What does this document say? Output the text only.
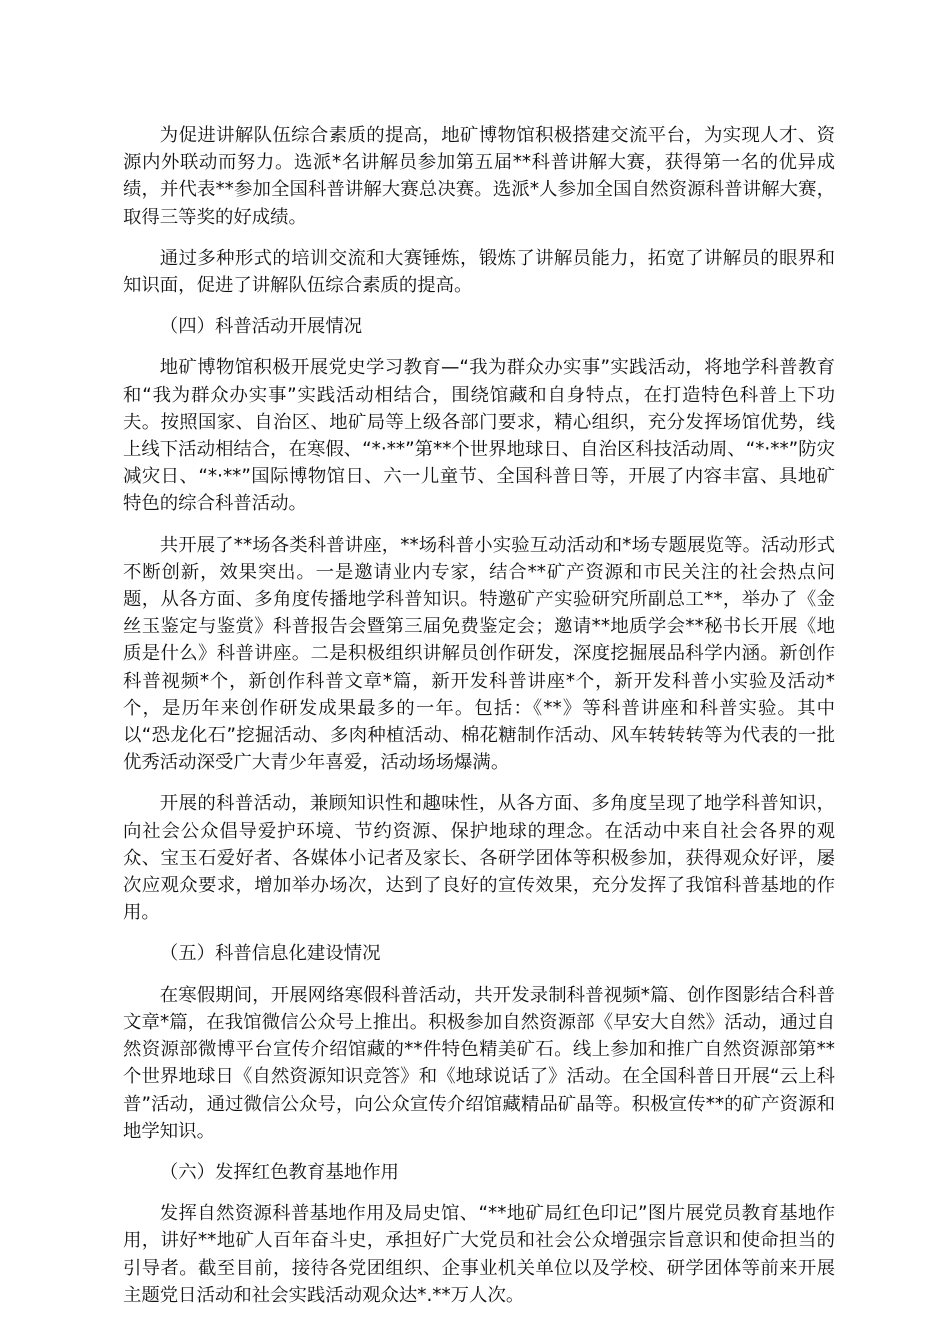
为促进讲解队伍综合素质的提高，地矿博物馆积极搭建交流平台，为实现人才、资源内外联动而努力。选派*名讲解员参加第五届**科普讲解大赛，获得第一名的优异成绩，并代表**参加全国科普讲解大赛总决赛。选派*人参加全国自然资源科普讲解大赛，取得三等奖的好成绩。

通过多种形式的培训交流和大赛锤炼，锻炼了讲解员能力，拓宽了讲解员的眼界和知识面，促进了讲解队伍综合素质的提高。

（四）科普活动开展情况

地矿博物馆积极开展党史学习教育—“我为群众办实事”实践活动，将地学科普教育和“我为群众办实事”实践活动相结合，围绕馆藏和自身特点，在打造特色科普上下功夫。按照国家、自治区、地矿局等上级各部门要求，精心组织，充分发挥场馆优势，线上线下活动相结合，在寒假、“*·**”第**个世界地球日、自治区科技活动周、“*·**”防灾减灾日、“*·**”国际博物馆日、六一儿童节、全国科普日等，开展了内容丰富、具地矿特色的综合科普活动。

共开展了**场各类科普讲座，**场科普小实验互动活动和*场专题展览等。活动形式不断创新，效果突出。一是邀请业内专家，结合**矿产资源和市民关注的社会热点问题，从各方面、多角度传播地学科普知识。特邀矿产实验研究所副总工**，举办了《金丝玉鉴定与鉴赏》科普报告会暨第三届免费鉴定会；邀请**地质学会**秘书长开展《地质是什么》科普讲座。二是积极组织讲解员创作研发，深度挖掘展品科学内涵。新创作科普视频*个，新创作科普文章*篇，新开发科普讲座*个，新开发科普小实验及活动*个，是历年来创作研发成果最多的一年。包括：《**》等科普讲座和科普实验。其中以“恐龙化石”挖掘活动、多肉种植活动、棉花糖制作活动、风车转转转等为代表的一批优秀活动深受广大青少年喜爱，活动场场爆满。

开展的科普活动，兼顾知识性和趣味性，从各方面、多角度呈现了地学科普知识，向社会公众倡导爱护环境、节约资源、保护地球的理念。在活动中来自社会各界的观众、宝玉石爱好者、各媒体小记者及家长、各研学团体等积极参加，获得观众好评，屡次应观众要求，增加举办场次，达到了良好的宣传效果，充分发挥了我馆科普基地的作用。

（五）科普信息化建设情况

在寒假期间，开展网络寒假科普活动，共开发录制科普视频*篇、创作图影结合科普文章*篇，在我馆微信公众号上推出。积极参加自然资源部《早安大自然》活动，通过自然资源部微博平台宣传介绍馆藏的**件特色精美矿石。线上参加和推广自然资源部第**个世界地球日《自然资源知识竞答》和《地球说话了》活动。在全国科普日开展“云上科普”活动，通过微信公众号，向公众宣传介绍馆藏精品矿晶等。积极宣传**的矿产资源和地学知识。

（六）发挥红色教育基地作用

发挥自然资源科普基地作用及局史馆、“**地矿局红色印记”图片展党员教育基地作用，讲好**地矿人百年奋斗史，承担好广大党员和社会公众增强宗旨意识和使命担当的引导者。截至目前，接待各党团组织、企事业机关单位以及学校、研学团体等前来开展主题党日活动和社会实践活动观众达*.**万人次。
